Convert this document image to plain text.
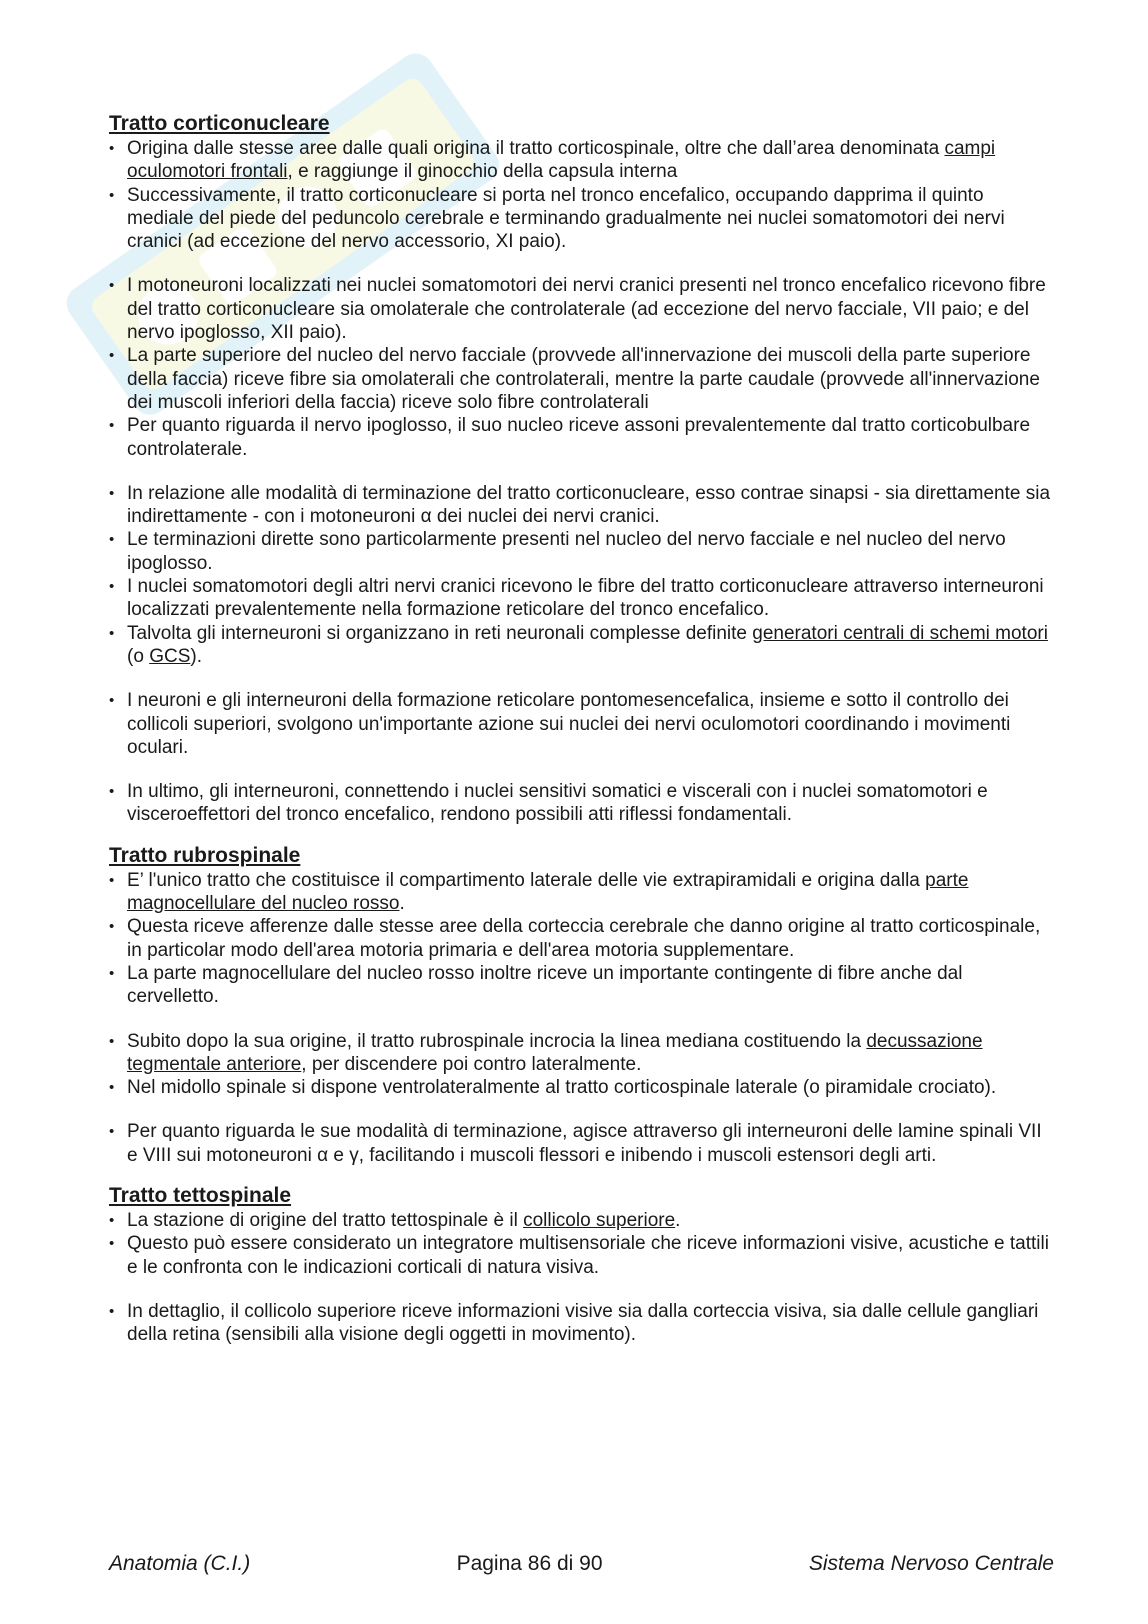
Tratto corticonucleare
• Origina dalle stesse aree dalle quali origina il tratto corticospinale, oltre che dall’area denominata campi oculomotori frontali, e raggiunge il ginocchio della capsula interna
• Successivamente, il tratto corticonucleare si porta nel tronco encefalico, occupando dapprima il quinto mediale del piede del peduncolo cerebrale e terminando gradualmente nei nuclei somatomotori dei nervi cranici (ad eccezione del nervo accessorio, XI paio).
• I motoneuroni localizzati nei nuclei somatomotori dei nervi cranici presenti nel tronco encefalico ricevono fibre del tratto corticonucleare sia omolaterale che controlaterale (ad eccezione del nervo facciale, VII paio; e del nervo ipoglosso, XII paio).
• La parte superiore del nucleo del nervo facciale (provvede all'innervazione dei muscoli della parte superiore della faccia) riceve fibre sia omolaterali che controlaterali, mentre la parte caudale (provvede all'innervazione dei muscoli inferiori della faccia) riceve solo fibre controlaterali
• Per quanto riguarda il nervo ipoglosso, il suo nucleo riceve assoni prevalentemente dal tratto corticobulbare controlaterale.
• In relazione alle modalità di terminazione del tratto corticonucleare, esso contrae sinapsi - sia direttamente sia indirettamente - con i motoneuroni α dei nuclei dei nervi cranici.
• Le terminazioni dirette sono particolarmente presenti nel nucleo del nervo facciale e nel nucleo del nervo ipoglosso.
• I nuclei somatomotori degli altri nervi cranici ricevono le fibre del tratto corticonucleare attraverso interneuroni localizzati prevalentemente nella formazione reticolare del tronco encefalico.
• Talvolta gli interneuroni si organizzano in reti neuronali complesse definite generatori centrali di schemi motori (o GCS).
• I neuroni e gli interneuroni della formazione reticolare pontomesencefalica, insieme e sotto il controllo dei collicoli superiori, svolgono un'importante azione sui nuclei dei nervi oculomotori coordinando i movimenti oculari.
• In ultimo, gli interneuroni, connettendo i nuclei sensitivi somatici e viscerali con i nuclei somatomotori e visceroeffettori del tronco encefalico, rendono possibili atti riflessi fondamentali.
Tratto rubrospinale
• E’ l'unico tratto che costituisce il compartimento laterale delle vie extrapiramidali e origina dalla parte magnocellulare del nucleo rosso.
• Questa riceve afferenze dalle stesse aree della corteccia cerebrale che danno origine al tratto corticospinale, in particolar modo dell'area motoria primaria e dell'area motoria supplementare.
• La parte magnocellulare del nucleo rosso inoltre riceve un importante contingente di fibre anche dal cervelletto.
• Subito dopo la sua origine, il tratto rubrospinale incrocia la linea mediana costituendo la decussazione tegmentale anteriore, per discendere poi contro lateralmente.
• Nel midollo spinale si dispone ventrolateralmente al tratto corticospinale laterale (o piramidale crociato).
• Per quanto riguarda le sue modalità di terminazione, agisce attraverso gli interneuroni delle lamine spinali VII e VIII sui motoneuroni α e γ, facilitando i muscoli flessori e inibendo i muscoli estensori degli arti.
Tratto tettospinale
• La stazione di origine del tratto tettospinale è il collicolo superiore.
• Questo può essere considerato un integratore multisensoriale che riceve informazioni visive, acustiche e tattili e le confronta con le indicazioni corticali di natura visiva.
• In dettaglio, il collicolo superiore riceve informazioni visive sia dalla corteccia visiva, sia dalle cellule gangliari della retina (sensibili alla visione degli oggetti in movimento).
Anatomia (C.I.)	Pagina 86 di 90	Sistema Nervoso Centrale
